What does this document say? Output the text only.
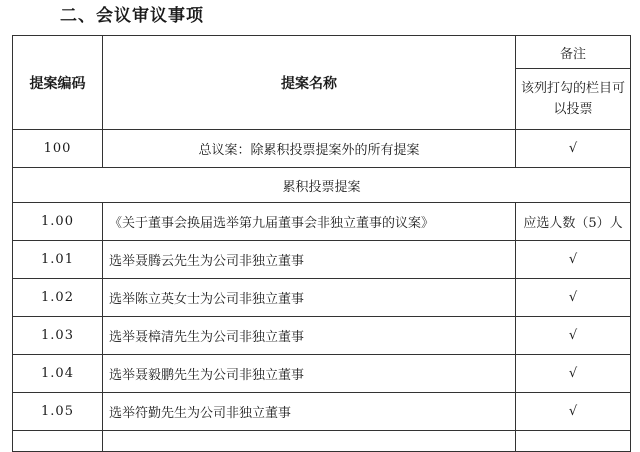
二、会议审议事项
提案编码	提案名称	备注
		该列打勾的栏目可以投票
100	总议案：除累积投票提案外的所有提案	√
累积投票提案		
1.00	《关于董事会换届选举第九届董事会非独立董事的议案》	应选人数（5）人
1.01	选举聂腾云先生为公司非独立董事	√
1.02	选举陈立英女士为公司非独立董事	√
1.03	选举聂樟清先生为公司非独立董事	√
1.04	选举聂毅鹏先生为公司非独立董事	√
1.05	选举符勤先生为公司非独立董事	√
